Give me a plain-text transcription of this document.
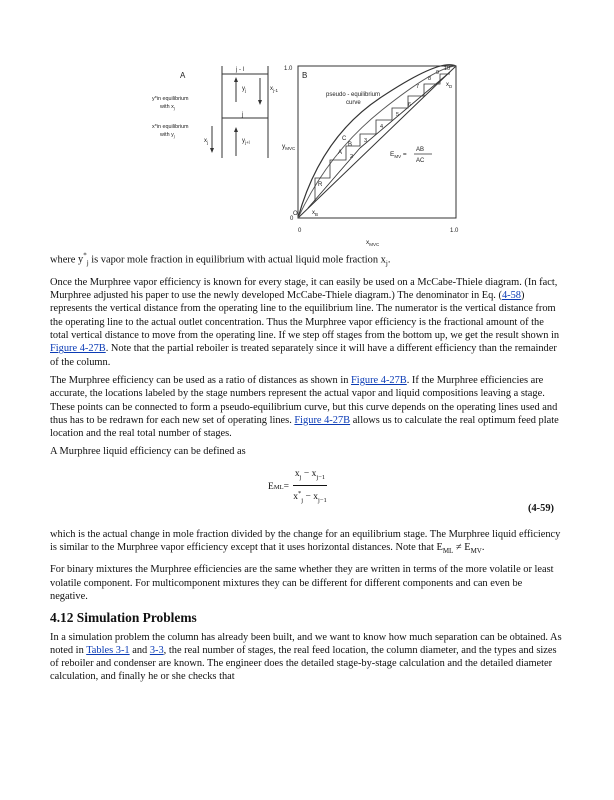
A
j - l
j
$y_j$	$x_{j-1}$
$y_{j+l}$
$x_j$
y*in equilibrium
with $x_j$
x*in equilibrium
with $y_j$
B
1.0
0
0	1.0
$x_{MVC}$
$y_{MVC}$
pseudo - equilibrium
curve
O $x_B$
R
A
B
C
$x_D$
2
3
4
5
6
7
8
9
10
$E_{MV}$ =
AB
AC

where $y^*_j$ is vapor mole fraction in equilibrium with actual liquid mole fraction $x_j$.

Once the Murphree vapor efficiency is known for every stage, it can easily be used on a McCabe-Thiele diagram. (In fact, Murphree adjusted his paper to use the newly developed McCabe-Thiele diagram.) The denominator in Eq. (4-58) represents the vertical distance from the operating line to the equilibrium line. The numerator is the vertical distance from the operating line to the actual outlet concentration. Thus the Murphree vapor efficiency is the fractional amount of the total vertical distance to move from the operating line. If we step off stages from the bottom up, we get the result shown in Figure 4-27B. Note that the partial reboiler is treated separately since it will have a different efficiency than the remainder of the column.

The Murphree efficiency can be used as a ratio of distances as shown in Figure 4-27B. If the Murphree efficiencies are accurate, the locations labeled by the stage numbers represent the actual vapor and liquid compositions leaving a stage. These points can be connected to form a pseudo-equilibrium curve, but this curve depends on the operating lines used and thus has to be redrawn for each new set of operating lines. Figure 4-27B allows us to calculate the real optimum feed plate location and the real total number of stages.

A Murphree liquid efficiency can be defined as

E ML = $\frac{x_j - x_{j-1}}{x^*_j - x_{j-1}}$
(4-59)

which is the actual change in mole fraction divided by the change for an equilibrium stage. The Murphree liquid efficiency is similar to the Murphree vapor efficiency except that it uses horizontal distances. Note that $E_{ML} \ne E_{MV}$.

For binary mixtures the Murphree efficiencies are the same whether they are written in terms of the more volatile or least volatile component. For multicomponent mixtures they can be different for different components and can even be negative.

4.12 Simulation Problems

In a simulation problem the column has already been built, and we want to know how much separation can be obtained. As noted in Tables 3-1 and 3-3, the real number of stages, the real feed location, the column diameter, and the types and sizes of reboiler and condenser are known. The engineer does the detailed stage-by-stage calculation and the detailed diameter calculation, and finally he or she checks that
